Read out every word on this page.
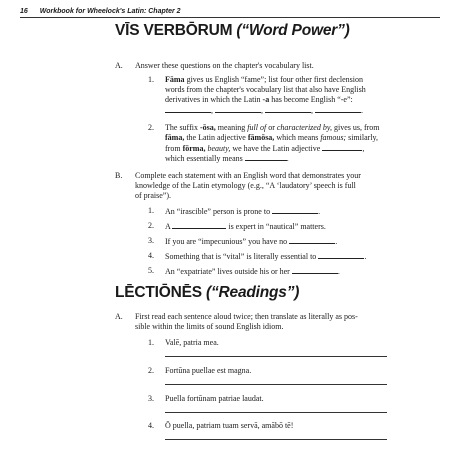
16 Workbook for Wheelock's Latin: Chapter 2
VĪS VERBŌRUM (“Word Power”)
A. Answer these questions on the chapter's vocabulary list.
1. Fāma gives us English “fame”; list four other first declension
words from the chapter's vocabulary list that also have English
derivatives in which the Latin -a has become English “-e”:
,	,	,	.
2. The suffix -ōsa, meaning full of or characterized by, gives us, from
fāma, the Latin adjective fāmōsa, which means famous; similarly,
from fōrma, beauty, we have the Latin adjective	,
which essentially means	.
B. Complete each statement with an English word that demonstrates your
knowledge of the Latin etymology (e.g., “A ‘laudatory’ speech is full
of praise”).
1. An “irascible” person is prone to	.
2. A	is expert in “nautical” matters.
3. If you are “impecunious” you have no	.
4. Something that is “vital” is literally essential to	.
5. An “expatriate” lives outside his or her	.
LĒCTIŌNĒS (“Readings”)
A. First read each sentence aloud twice; then translate as literally as pos-
sible within the limits of sound English idiom.
1. Valē, patria mea.
2. Fortūna puellae est magna.
3. Puella fortūnam patriae laudat.
4. Ō puella, patriam tuam servā, amābō tē!
